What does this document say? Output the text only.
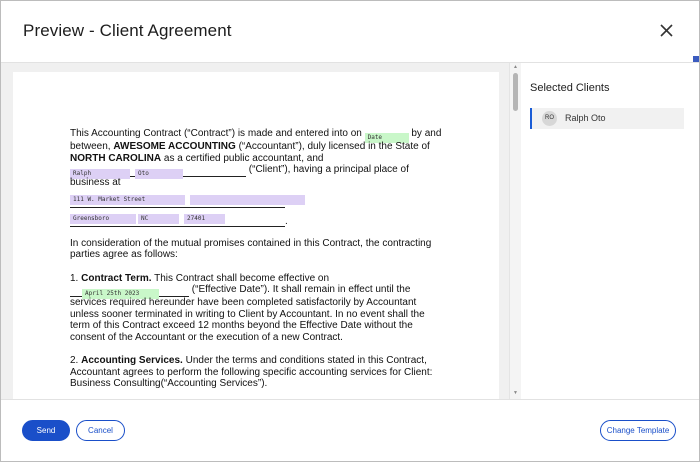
Preview - Client Agreement

This Accounting Contract (“Contract”) is made and entered into on Date	by and between, AWESOME ACCOUNTING (“Accountant”), duly licensed in the State of NORTH CAROLINA as a certified public accountant, and
Ralph	Oto	(“Client”), having a principal place of business at

111 W. Market Street
Greensboro	NC	27401	.

In consideration of the mutual promises contained in this Contract, the contracting parties agree as follows:

1. Contract Term. This Contract shall become effective on
April 25th 2023	(“Effective Date”). It shall remain in effect until the services required hereunder have been completed satisfactorily by Accountant unless sooner terminated in writing to Client by Accountant. In no event shall the term of this Contract exceed 12 months beyond the Effective Date without the consent of the Accountant or the execution of a new Contract.

2. Accounting Services. Under the terms and conditions stated in this Contract, Accountant agrees to perform the following specific accounting services for Client: Business Consulting(“Accounting Services”).

▲
▼
Selected Clients
RO	Ralph Oto
Send	Cancel	Change Template
